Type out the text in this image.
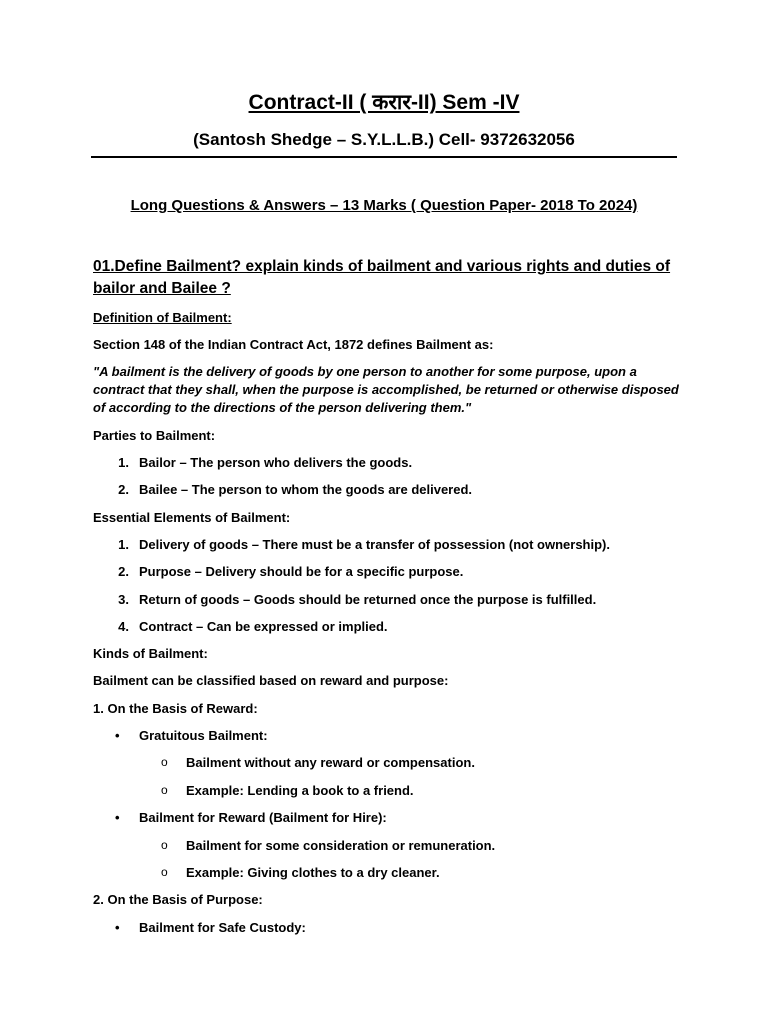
Contract-II ( करार-II) Sem -IV
(Santosh Shedge – S.Y.L.L.B.) Cell- 9372632056
Long Questions & Answers – 13 Marks ( Question Paper- 2018 To 2024)
01.Define Bailment? explain kinds of bailment and various rights and duties of bailor and Bailee ?
Definition of Bailment:
Section 148 of the Indian Contract Act, 1872 defines Bailment as:
"A bailment is the delivery of goods by one person to another for some purpose, upon a contract that they shall, when the purpose is accomplished, be returned or otherwise disposed of according to the directions of the person delivering them."
Parties to Bailment:
1. Bailor – The person who delivers the goods.
2. Bailee – The person to whom the goods are delivered.
Essential Elements of Bailment:
1. Delivery of goods – There must be a transfer of possession (not ownership).
2. Purpose – Delivery should be for a specific purpose.
3. Return of goods – Goods should be returned once the purpose is fulfilled.
4. Contract – Can be expressed or implied.
Kinds of Bailment:
Bailment can be classified based on reward and purpose:
1. On the Basis of Reward:
• Gratuitous Bailment:
o Bailment without any reward or compensation.
o Example: Lending a book to a friend.
• Bailment for Reward (Bailment for Hire):
o Bailment for some consideration or remuneration.
o Example: Giving clothes to a dry cleaner.
2. On the Basis of Purpose:
• Bailment for Safe Custody:
